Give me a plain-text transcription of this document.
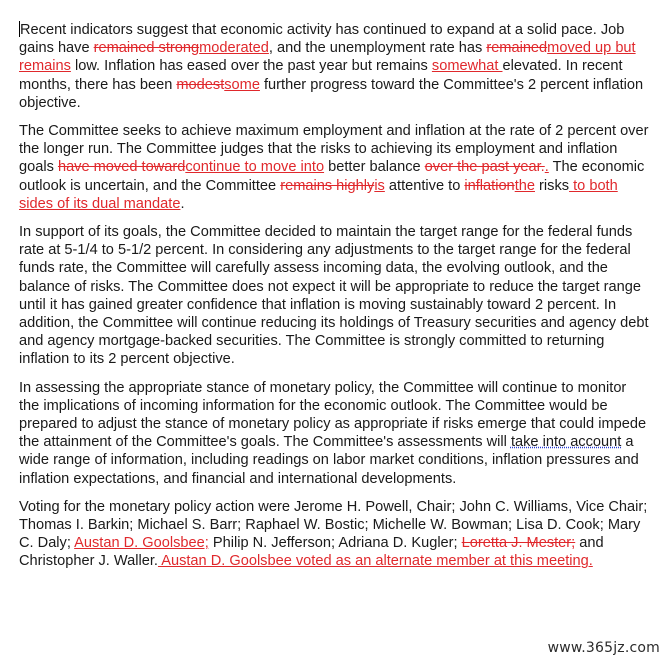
Recent indicators suggest that economic activity has continued to expand at a solid pace. Job gains have remained strongmoderated, and the unemployment rate has remainedmoved up but remains low. Inflation has eased over the past year but remains somewhat elevated. In recent months, there has been modestsome further progress toward the Committee's 2 percent inflation objective.

The Committee seeks to achieve maximum employment and inflation at the rate of 2 percent over the longer run. The Committee judges that the risks to achieving its employment and inflation goals have moved towardcontinue to move into better balance over the past year.. The economic outlook is uncertain, and the Committee remains highlyis attentive to inflationthe risks to both sides of its dual mandate.

In support of its goals, the Committee decided to maintain the target range for the federal funds rate at 5-1/4 to 5-1/2 percent. In considering any adjustments to the target range for the federal funds rate, the Committee will carefully assess incoming data, the evolving outlook, and the balance of risks. The Committee does not expect it will be appropriate to reduce the target range until it has gained greater confidence that inflation is moving sustainably toward 2 percent. In addition, the Committee will continue reducing its holdings of Treasury securities and agency debt and agency mortgage-backed securities. The Committee is strongly committed to returning inflation to its 2 percent objective.

In assessing the appropriate stance of monetary policy, the Committee will continue to monitor the implications of incoming information for the economic outlook. The Committee would be prepared to adjust the stance of monetary policy as appropriate if risks emerge that could impede the attainment of the Committee's goals. The Committee's assessments will take into account a wide range of information, including readings on labor market conditions, inflation pressures and inflation expectations, and financial and international developments.

Voting for the monetary policy action were Jerome H. Powell, Chair; John C. Williams, Vice Chair; Thomas I. Barkin; Michael S. Barr; Raphael W. Bostic; Michelle W. Bowman; Lisa D. Cook; Mary C. Daly; Austan D. Goolsbee; Philip N. Jefferson; Adriana D. Kugler; Loretta J. Mester; and Christopher J. Waller. Austan D. Goolsbee voted as an alternate member at this meeting.

www.365jz.com
